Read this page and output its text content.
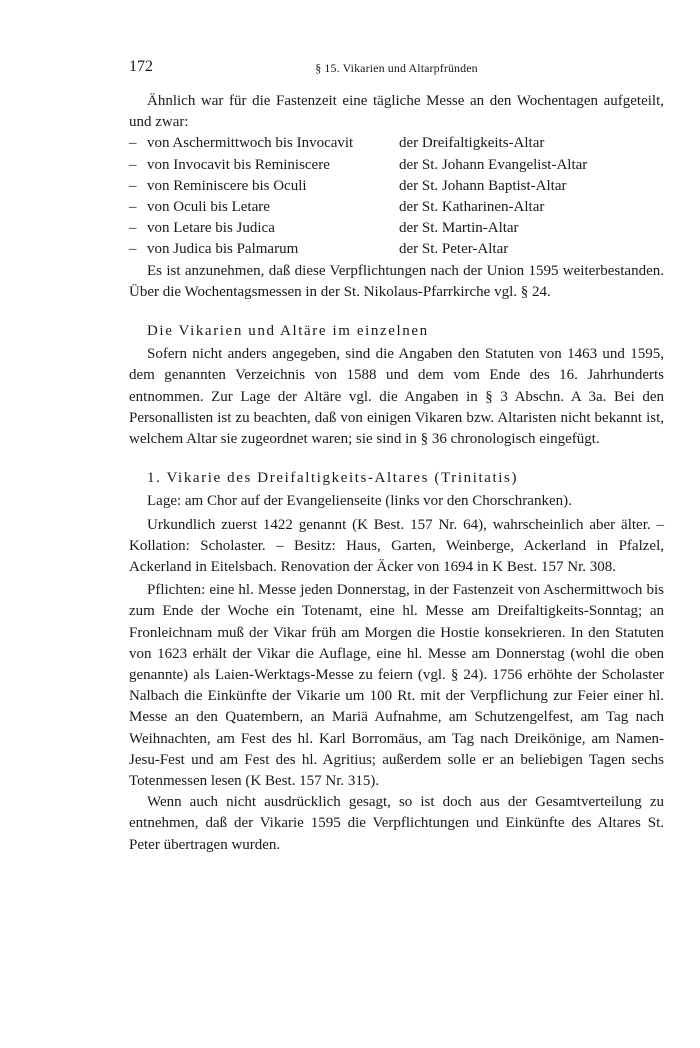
172	§ 15. Vikarien und Altarpfründen

Ähnlich war für die Fastenzeit eine tägliche Messe an den Wochentagen aufgeteilt, und zwar:

– von Aschermittwoch bis Invocavit	der Dreifaltigkeits-Altar
– von Invocavit bis Reminiscere	der St. Johann Evangelist-Altar
– von Reminiscere bis Oculi	der St. Johann Baptist-Altar
– von Oculi bis Letare	der St. Katharinen-Altar
– von Letare bis Judica	der St. Martin-Altar
– von Judica bis Palmarum	der St. Peter-Altar

Es ist anzunehmen, daß diese Verpflichtungen nach der Union 1595 weiterbestanden. Über die Wochentagsmessen in der St. Nikolaus-Pfarrkirche vgl. § 24.

Die Vikarien und Altäre im einzelnen

Sofern nicht anders angegeben, sind die Angaben den Statuten von 1463 und 1595, dem genannten Verzeichnis von 1588 und dem vom Ende des 16. Jahrhunderts entnommen. Zur Lage der Altäre vgl. die Angaben in § 3 Abschn. A 3a. Bei den Personallisten ist zu beachten, daß von einigen Vikaren bzw. Altaristen nicht bekannt ist, welchem Altar sie zugeordnet waren; sie sind in § 36 chronologisch eingefügt.

1. Vikarie des Dreifaltigkeits-Altares (Trinitatis)

Lage: am Chor auf der Evangelienseite (links vor den Chorschranken).

Urkundlich zuerst 1422 genannt (K Best. 157 Nr. 64), wahrscheinlich aber älter. – Kollation: Scholaster. – Besitz: Haus, Garten, Weinberge, Ackerland in Pfalzel, Ackerland in Eitelsbach. Renovation der Äcker von 1694 in K Best. 157 Nr. 308.

Pflichten: eine hl. Messe jeden Donnerstag, in der Fastenzeit von Aschermittwoch bis zum Ende der Woche ein Totenamt, eine hl. Messe am Dreifaltigkeits-Sonntag; an Fronleichnam muß der Vikar früh am Morgen die Hostie konsekrieren. In den Statuten von 1623 erhält der Vikar die Auflage, eine hl. Messe am Donnerstag (wohl die oben genannte) als Laien-Werktags-Messe zu feiern (vgl. § 24). 1756 erhöhte der Scholaster Nalbach die Einkünfte der Vikarie um 100 Rt. mit der Verpflichung zur Feier einer hl. Messe an den Quatembern, an Mariä Aufnahme, am Schutzengelfest, am Tag nach Weihnachten, am Fest des hl. Karl Borromäus, am Tag nach Dreikönige, am Namen-Jesu-Fest und am Fest des hl. Agritius; außerdem solle er an beliebigen Tagen sechs Totenmessen lesen (K Best. 157 Nr. 315).

Wenn auch nicht ausdrücklich gesagt, so ist doch aus der Gesamtverteilung zu entnehmen, daß der Vikarie 1595 die Verpflichtungen und Einkünfte des Altares St. Peter übertragen wurden.
